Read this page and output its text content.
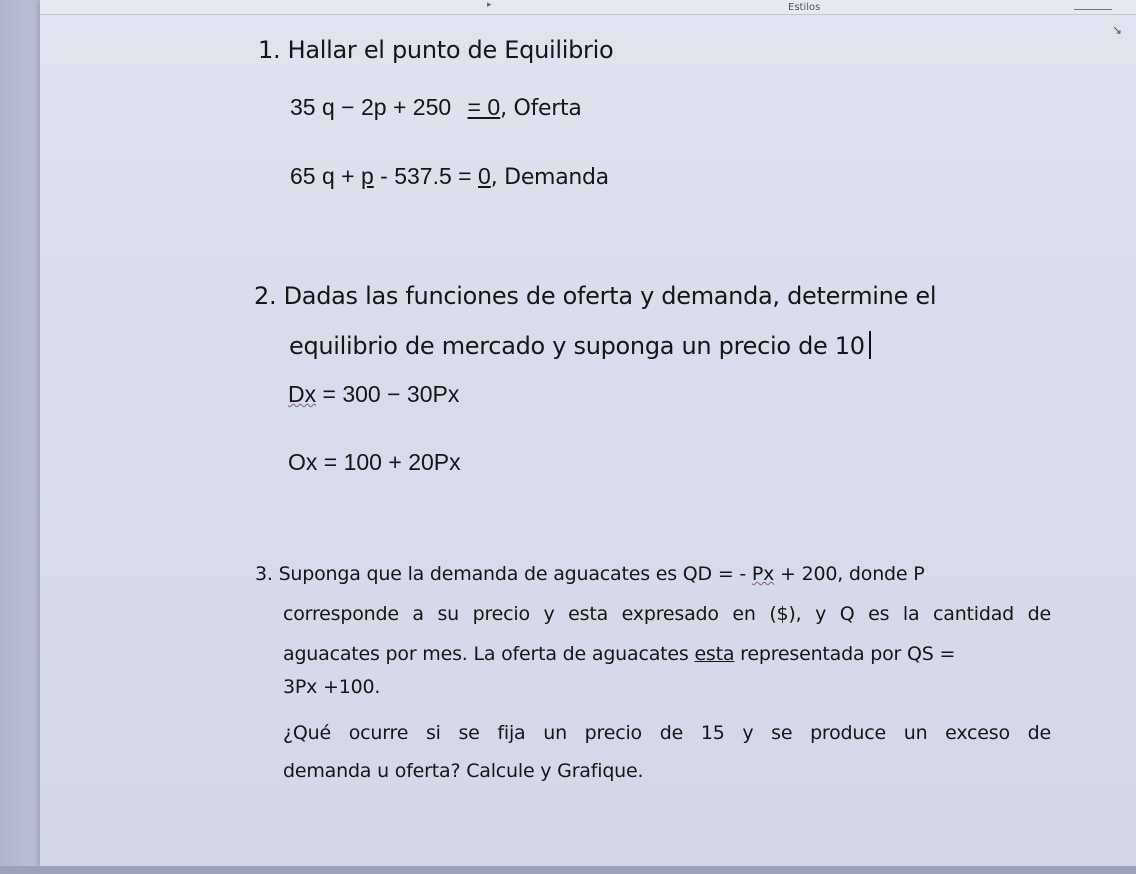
▸	Estilos
↘
1. Hallar el punto de Equilibrio
35 q − 2p + 250 = 0, Oferta
65 q + p - 537.5 = 0, Demanda
2. Dadas las funciones de oferta y demanda, determine el
equilibrio de mercado y suponga un precio de 10
Dx = 300 − 30Px
Ox = 100 + 20Px
3. Suponga que la demanda de aguacates es QD = - Px + 200, donde P
corresponde a su precio y esta expresado en ($), y Q es la cantidad de
aguacates por mes. La oferta de aguacates esta representada por QS =
3Px +100.
¿Qué ocurre si se fija un precio de 15 y se produce un exceso de
demanda u oferta? Calcule y Grafique.
